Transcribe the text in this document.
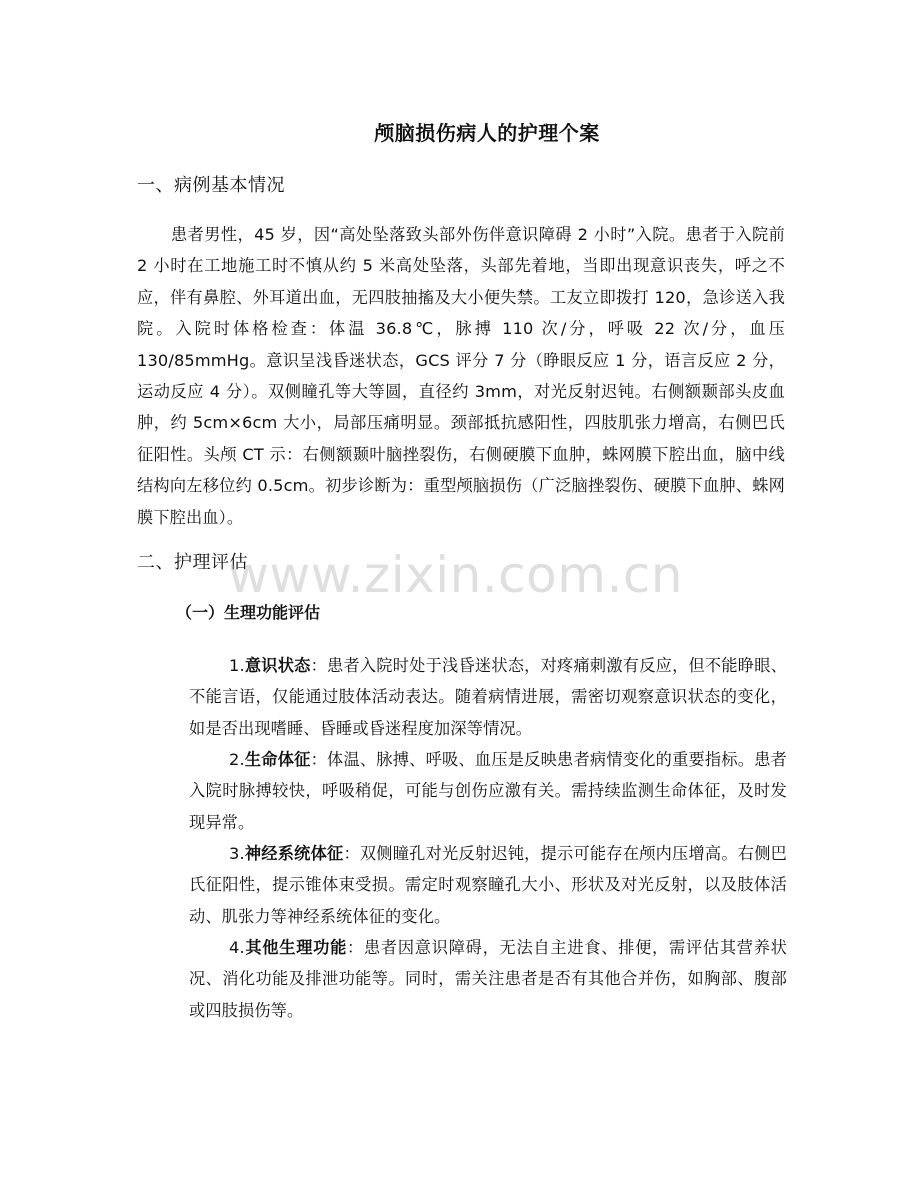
颅脑损伤病人的护理个案
一、病例基本情况
患者男性，45 岁，因“高处坠落致头部外伤伴意识障碍 2 小时”入院。患者于入院前 2 小时在工地施工时不慎从约 5 米高处坠落，头部先着地，当即出现意识丧失，呼之不应，伴有鼻腔、外耳道出血，无四肢抽搐及大小便失禁。工友立即拨打 120，急诊送入我院。入院时体格检查：体温 36.8℃，脉搏 110 次/分，呼吸 22 次/分，血压 130/85mmHg。意识呈浅昏迷状态，GCS 评分 7 分（睁眼反应 1 分，语言反应 2 分，运动反应 4 分）。双侧瞳孔等大等圆，直径约 3mm，对光反射迟钝。右侧额颞部头皮血肿，约 5cm×6cm 大小，局部压痛明显。颈部抵抗感阳性，四肢肌张力增高，右侧巴氏征阳性。头颅 CT 示：右侧额颞叶脑挫裂伤，右侧硬膜下血肿，蛛网膜下腔出血，脑中线结构向左移位约 0.5cm。初步诊断为：重型颅脑损伤（广泛脑挫裂伤、硬膜下血肿、蛛网膜下腔出血）。
二、护理评估
（一）生理功能评估
1.意识状态：患者入院时处于浅昏迷状态，对疼痛刺激有反应，但不能睁眼、不能言语，仅能通过肢体活动表达。随着病情进展，需密切观察意识状态的变化，如是否出现嗜睡、昏睡或昏迷程度加深等情况。
2.生命体征：体温、脉搏、呼吸、血压是反映患者病情变化的重要指标。患者入院时脉搏较快，呼吸稍促，可能与创伤应激有关。需持续监测生命体征，及时发现异常。
3.神经系统体征：双侧瞳孔对光反射迟钝，提示可能存在颅内压增高。右侧巴氏征阳性，提示锥体束受损。需定时观察瞳孔大小、形状及对光反射，以及肢体活动、肌张力等神经系统体征的变化。
4.其他生理功能：患者因意识障碍，无法自主进食、排便，需评估其营养状况、消化功能及排泄功能等。同时，需关注患者是否有其他合并伤，如胸部、腹部或四肢损伤等。
www.zixin.com.cn
